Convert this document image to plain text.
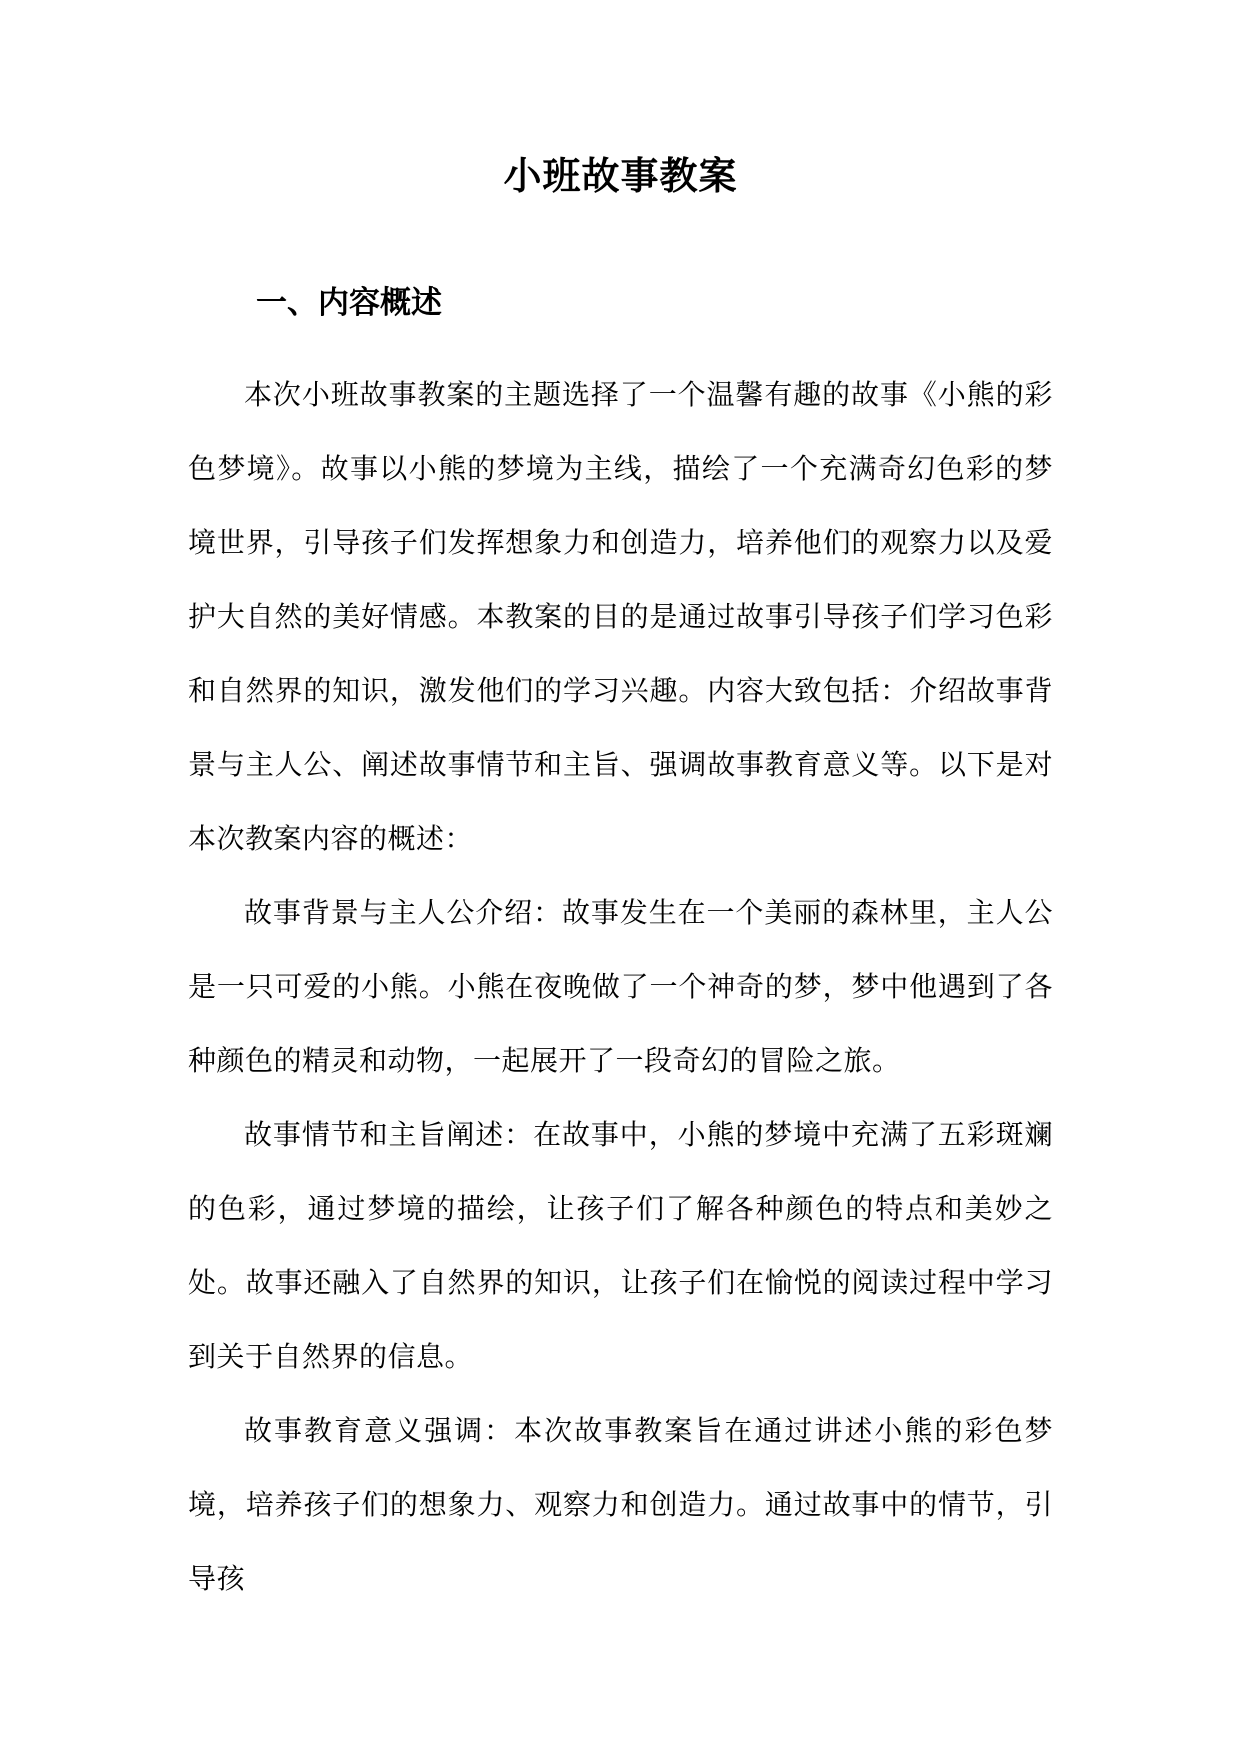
小班故事教案
一、内容概述

本次小班故事教案的主题选择了一个温馨有趣的故事《小熊的彩色梦境》。故事以小熊的梦境为主线，描绘了一个充满奇幻色彩的梦境世界，引导孩子们发挥想象力和创造力，培养他们的观察力以及爱护大自然的美好情感。本教案的目的是通过故事引导孩子们学习色彩和自然界的知识，激发他们的学习兴趣。内容大致包括：介绍故事背景与主人公、阐述故事情节和主旨、强调故事教育意义等。以下是对本次教案内容的概述：

故事背景与主人公介绍：故事发生在一个美丽的森林里，主人公是一只可爱的小熊。小熊在夜晚做了一个神奇的梦，梦中他遇到了各种颜色的精灵和动物，一起展开了一段奇幻的冒险之旅。

故事情节和主旨阐述：在故事中，小熊的梦境中充满了五彩斑斓的色彩，通过梦境的描绘，让孩子们了解各种颜色的特点和美妙之处。故事还融入了自然界的知识，让孩子们在愉悦的阅读过程中学习到关于自然界的信息。

故事教育意义强调：本次故事教案旨在通过讲述小熊的彩色梦境，培养孩子们的想象力、观察力和创造力。通过故事中的情节，引导孩
